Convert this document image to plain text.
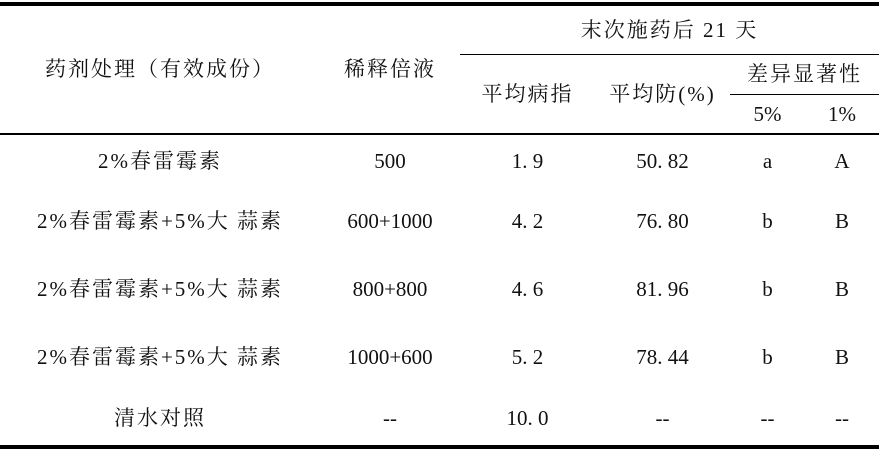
药剂处理（有效成份）	稀释倍液	末次施药后 21 天			
		平均病指	平均防(%)	差异显著性	
				5%	1%
2%春雷霉素	500	1. 9	50. 82	a	A
2%春雷霉素+5%大 蒜素	600+1000	4. 2	76. 80	b	B
2%春雷霉素+5%大 蒜素	800+800	4. 6	81. 96	b	B
2%春雷霉素+5%大 蒜素	1000+600	5. 2	78. 44	b	B
清水对照	--	10. 0	--	--	--
